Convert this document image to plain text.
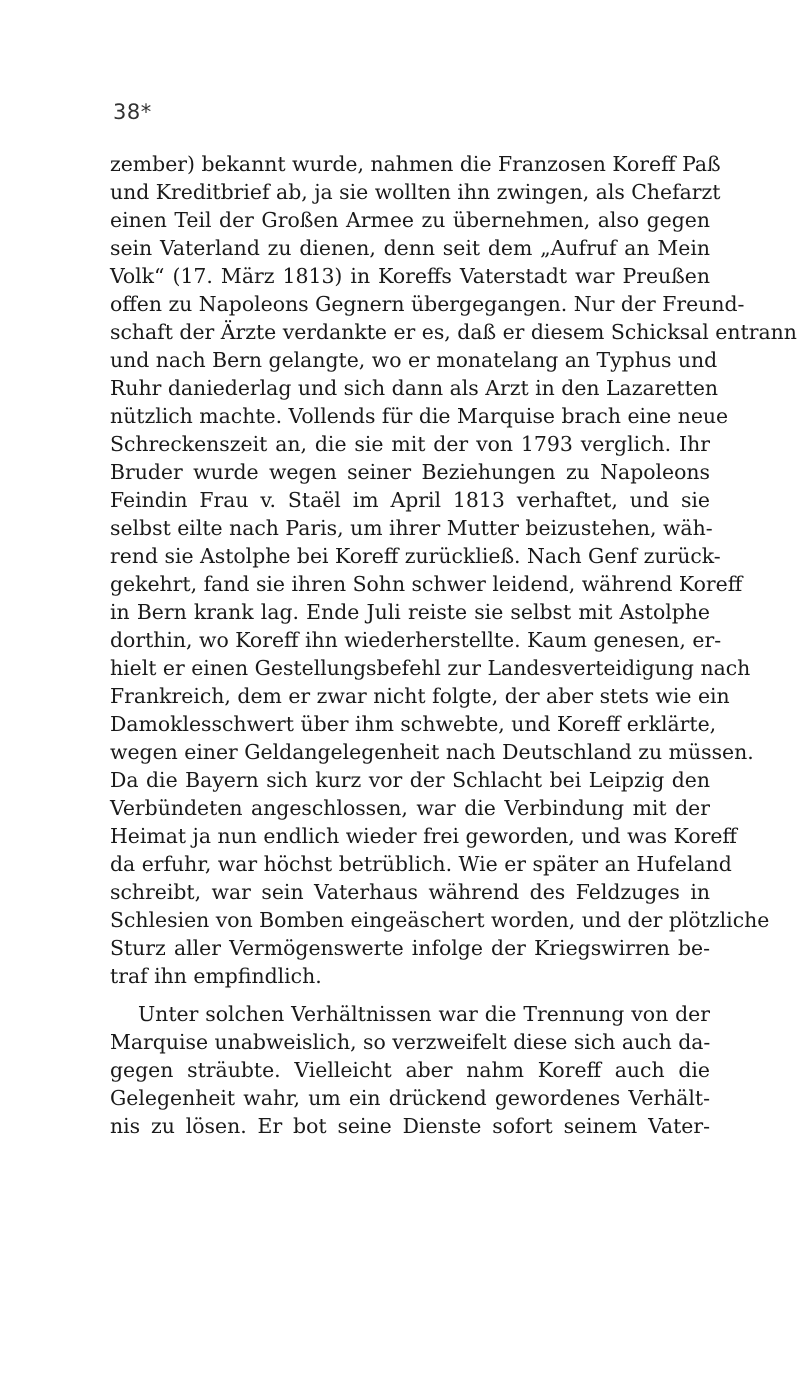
38*
zember) bekannt wurde, nahmen die Franzosen Koreff Paß
und Kreditbrief ab, ja sie wollten ihn zwingen, als Chefarzt
einen Teil der Großen Armee zu übernehmen, also gegen
sein Vaterland zu dienen, denn seit dem „Aufruf an Mein
Volk“ (17. März 1813) in Koreffs Vaterstadt war Preußen
offen zu Napoleons Gegnern übergegangen. Nur der Freund-
schaft der Ärzte verdankte er es, daß er diesem Schicksal entrann
und nach Bern gelangte, wo er monatelang an Typhus und
Ruhr daniederlag und sich dann als Arzt in den Lazaretten
nützlich machte. Vollends für die Marquise brach eine neue
Schreckenszeit an, die sie mit der von 1793 verglich. Ihr
Bruder wurde wegen seiner Beziehungen zu Napoleons
Feindin Frau v. Staël im April 1813 verhaftet, und sie
selbst eilte nach Paris, um ihrer Mutter beizustehen, wäh-
rend sie Astolphe bei Koreff zurückließ. Nach Genf zurück-
gekehrt, fand sie ihren Sohn schwer leidend, während Koreff
in Bern krank lag. Ende Juli reiste sie selbst mit Astolphe
dorthin, wo Koreff ihn wiederherstellte. Kaum genesen, er-
hielt er einen Gestellungsbefehl zur Landesverteidigung nach
Frankreich, dem er zwar nicht folgte, der aber stets wie ein
Damoklesschwert über ihm schwebte, und Koreff erklärte,
wegen einer Geldangelegenheit nach Deutschland zu müssen.
Da die Bayern sich kurz vor der Schlacht bei Leipzig den
Verbündeten angeschlossen, war die Verbindung mit der
Heimat ja nun endlich wieder frei geworden, und was Koreff
da erfuhr, war höchst betrüblich. Wie er später an Hufeland
schreibt, war sein Vaterhaus während des Feldzuges in
Schlesien von Bomben eingeäschert worden, und der plötzliche
Sturz aller Vermögenswerte infolge der Kriegswirren be-
traf ihn empfindlich.
Unter solchen Verhältnissen war die Trennung von der
Marquise unabweislich, so verzweifelt diese sich auch da-
gegen sträubte. Vielleicht aber nahm Koreff auch die
Gelegenheit wahr, um ein drückend gewordenes Verhält-
nis zu lösen. Er bot seine Dienste sofort seinem Vater-
